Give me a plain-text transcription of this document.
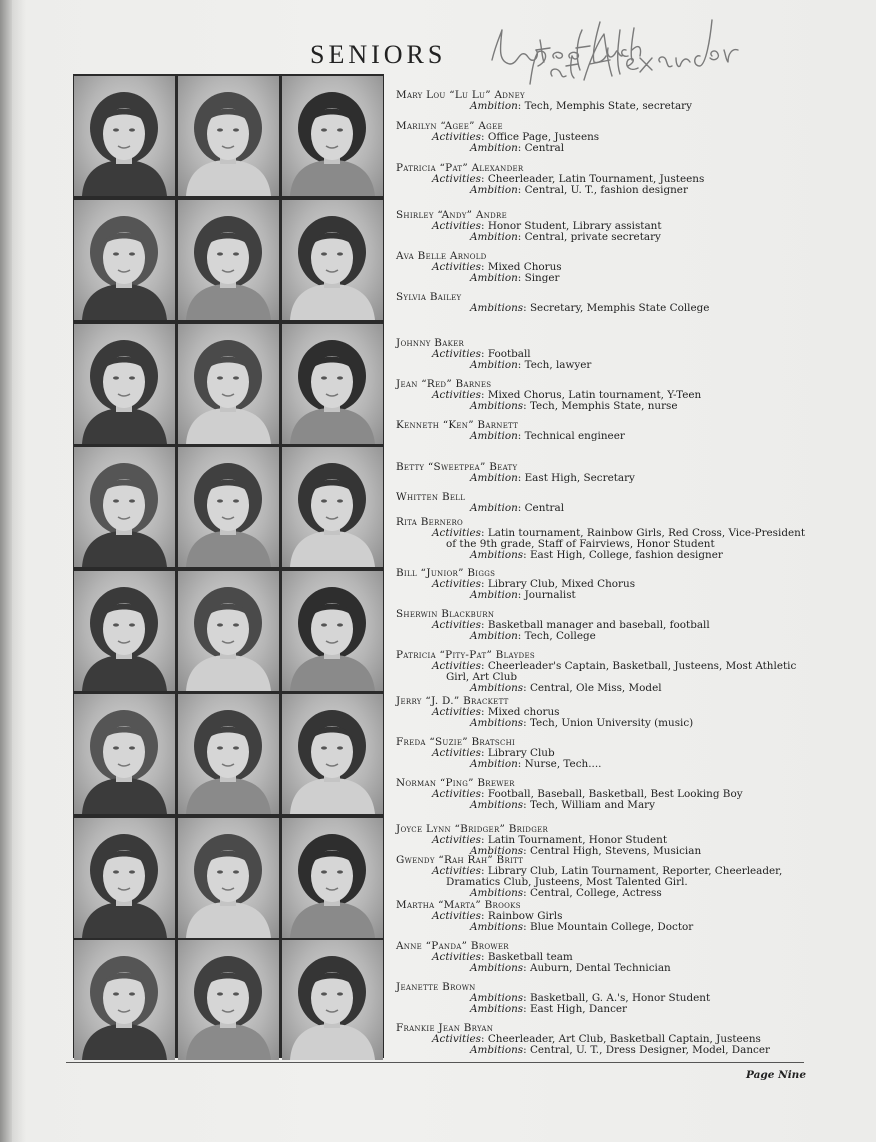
SENIORS
Mary Lou “Lu Lu” Adney
Ambition: Tech, Memphis State, secretary
Marilyn “Agee” Agee
Activities: Office Page, Justeens
Ambition: Central
Patricia “Pat” Alexander
Activities: Cheerleader, Latin Tournament, Justeens
Ambition: Central, U. T., fashion designer
Shirley “Andy” Andre
Activities: Honor Student, Library assistant
Ambition: Central, private secretary
Ava Belle Arnold
Activities: Mixed Chorus
Ambition: Singer
Sylvia Bailey
Ambitions: Secretary, Memphis State College
Johnny Baker
Activities: Football
Ambition: Tech, lawyer
Jean “Red” Barnes
Activities: Mixed Chorus, Latin tournament, Y-Teen
Ambitions: Tech, Memphis State, nurse
Kenneth “Ken” Barnett
Ambition: Technical engineer
Betty “Sweetpea” Beaty
Ambition: East High, Secretary
Whitten Bell
Ambition: Central
Rita Bernero
Activities: Latin tournament, Rainbow Girls, Red Cross, Vice-President
of the 9th grade, Staff of Fairviews, Honor Student
Ambitions: East High, College, fashion designer
Bill “Junior” Biggs
Activities: Library Club, Mixed Chorus
Ambition: Journalist
Sherwin Blackburn
Activities: Basketball manager and baseball, football
Ambition: Tech, College
Patricia “Pity-Pat” Blaydes
Activities: Cheerleader's Captain, Basketball, Justeens, Most Athletic
Girl, Art Club
Ambitions: Central, Ole Miss, Model
Jerry “J. D.” Brackett
Activities: Mixed chorus
Ambitions: Tech, Union University (music)
Freda “Suzie” Bratschi
Activities: Library Club
Ambition: Nurse, Tech....
Norman “Ping” Brewer
Activities: Football, Baseball, Basketball, Best Looking Boy
Ambitions: Tech, William and Mary
Joyce Lynn “Bridger” Bridger
Activities: Latin Tournament, Honor Student
Ambitions: Central High, Stevens, Musician
Gwendy “Rah Rah” Britt
Activities: Library Club, Latin Tournament, Reporter, Cheerleader,
Dramatics Club, Justeens, Most Talented Girl.
Ambitions: Central, College, Actress
Martha “Marta” Brooks
Activities: Rainbow Girls
Ambitions: Blue Mountain College, Doctor
Anne “Panda” Brower
Activities: Basketball team
Ambitions: Auburn, Dental Technician
Jeanette Brown
Ambitions: Basketball, G. A.'s, Honor Student
Ambitions: East High, Dancer
Frankie Jean Bryan
Activities: Cheerleader, Art Club, Basketball Captain, Justeens
Ambitions: Central, U. T., Dress Designer, Model, Dancer
Page Nine
